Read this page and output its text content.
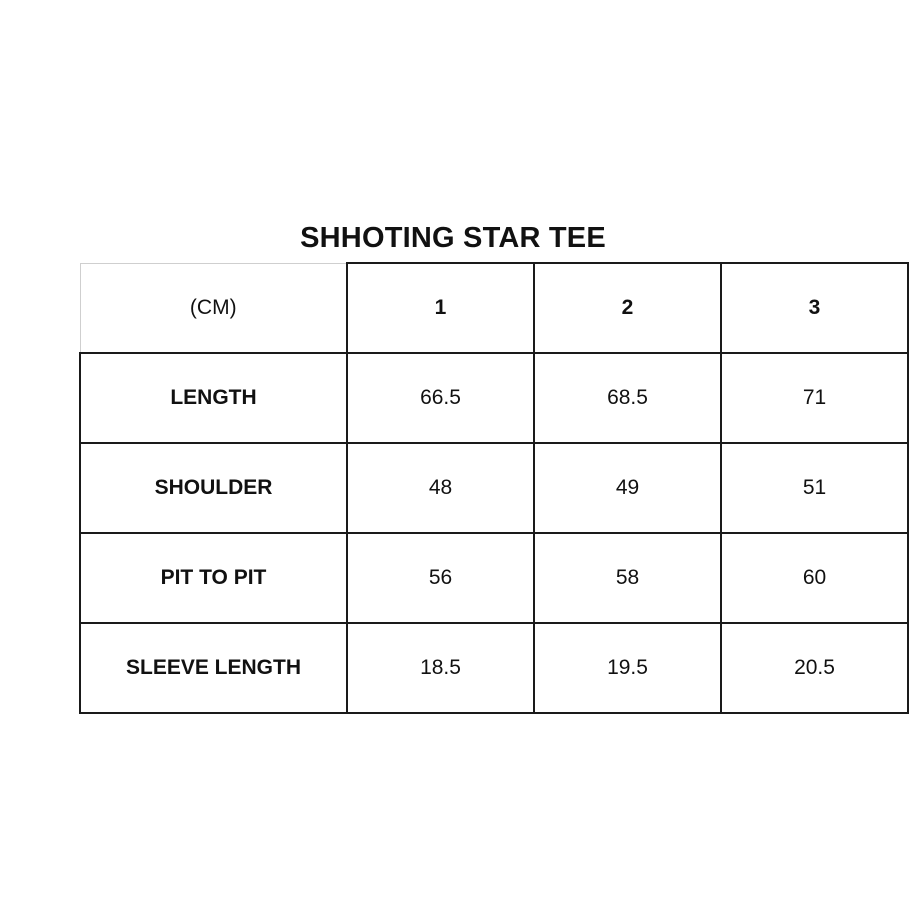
SHHOTING STAR TEE
(CM)	1	2	3
LENGTH	66.5	68.5	71
SHOULDER	48	49	51
PIT TO PIT	56	58	60
SLEEVE LENGTH	18.5	19.5	20.5
